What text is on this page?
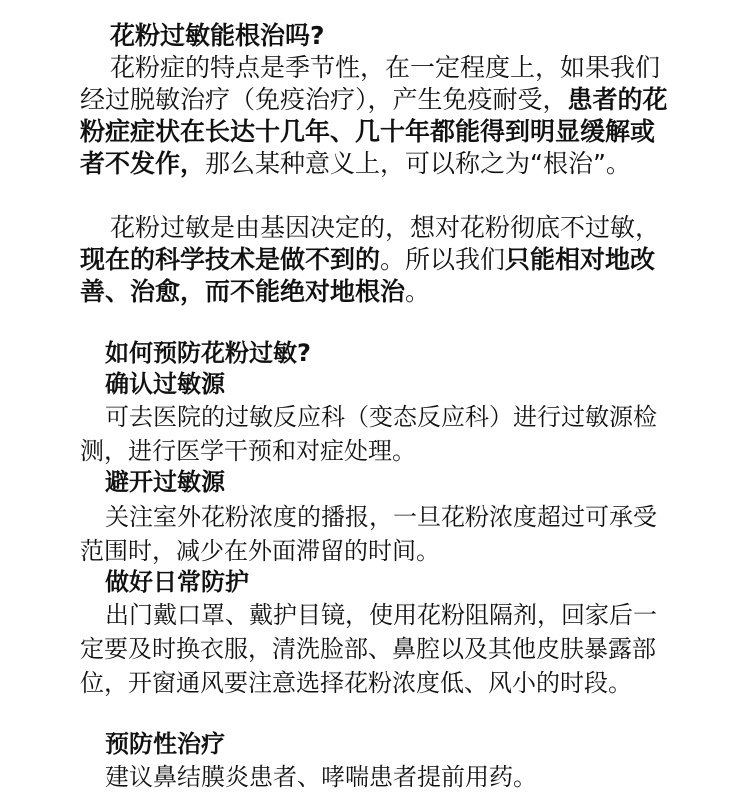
花粉过敏能根治吗?

花粉症的特点是季节性，在一定程度上，如果我们经过脱敏治疗（免疫治疗），产生免疫耐受，患者的花粉症症状在长达十几年、几十年都能得到明显缓解或者不发作，那么某种意义上，可以称之为“根治”。

花粉过敏是由基因决定的，想对花粉彻底不过敏，现在的科学技术是做不到的。所以我们只能相对地改善、治愈，而不能绝对地根治。

如何预防花粉过敏?
确认过敏源

可去医院的过敏反应科（变态反应科）进行过敏源检测，进行医学干预和对症处理。

避开过敏源

关注室外花粉浓度的播报，一旦花粉浓度超过可承受范围时，减少在外面滞留的时间。

做好日常防护

出门戴口罩、戴护目镜，使用花粉阻隔剂，回家后一定要及时换衣服，清洗脸部、鼻腔以及其他皮肤暴露部位，开窗通风要注意选择花粉浓度低、风小的时段。

预防性治疗

建议鼻结膜炎患者、哮喘患者提前用药。
